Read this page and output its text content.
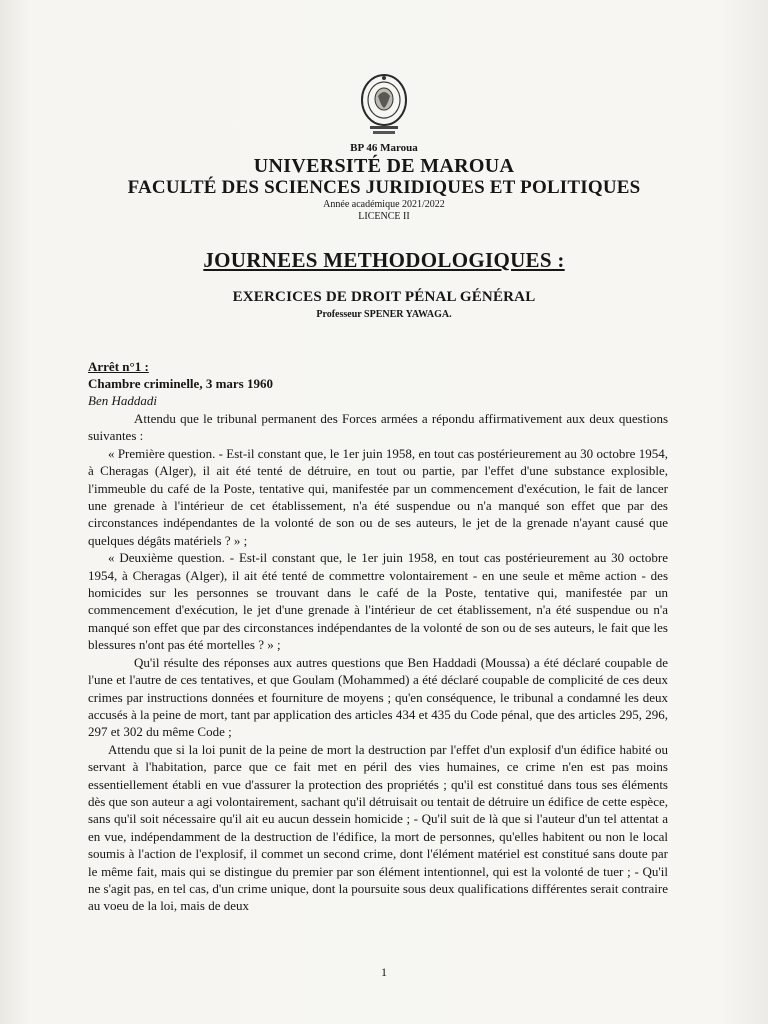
BP 46 Maroua
UNIVERSITÉ DE MAROUA
FACULTÉ DES SCIENCES JURIDIQUES ET POLITIQUES
Année académique 2021/2022
LICENCE II
JOURNEES METHODOLOGIQUES :
EXERCICES DE DROIT PÉNAL GÉNÉRAL
Professeur SPENER YAWAGA.
Arrêt n°1 :
Chambre criminelle, 3 mars 1960
Ben Haddadi

Attendu que le tribunal permanent des Forces armées a répondu affirmativement aux deux questions suivantes :

« Première question. - Est-il constant que, le 1er juin 1958, en tout cas postérieurement au 30 octobre 1954, à Cheragas (Alger), il ait été tenté de détruire, en tout ou partie, par l'effet d'une substance explosible, l'immeuble du café de la Poste, tentative qui, manifestée par un commencement d'exécution, le fait de lancer une grenade à l'intérieur de cet établissement, n'a été suspendue ou n'a manqué son effet que par des circonstances indépendantes de la volonté de son ou de ses auteurs, le jet de la grenade n'ayant causé que quelques dégâts matériels ? » ;

« Deuxième question. - Est-il constant que, le 1er juin 1958, en tout cas postérieurement au 30 octobre 1954, à Cheragas (Alger), il ait été tenté de commettre volontairement - en une seule et même action - des homicides sur les personnes se trouvant dans le café de la Poste, tentative qui, manifestée par un commencement d'exécution, le jet d'une grenade à l'intérieur de cet établissement, n'a été suspendue ou n'a manqué son effet que par des circonstances indépendantes de la volonté de son ou de ses auteurs, le fait que les blessures n'ont pas été mortelles ? » ;

Qu'il résulte des réponses aux autres questions que Ben Haddadi (Moussa) a été déclaré coupable de l'une et l'autre de ces tentatives, et que Goulam (Mohammed) a été déclaré coupable de complicité de ces deux crimes par instructions données et fourniture de moyens ; qu'en conséquence, le tribunal a condamné les deux accusés à la peine de mort, tant par application des articles 434 et 435 du Code pénal, que des articles 295, 296, 297 et 302 du même Code ;

Attendu que si la loi punit de la peine de mort la destruction par l'effet d'un explosif d'un édifice habité ou servant à l'habitation, parce que ce fait met en péril des vies humaines, ce crime n'en est pas moins essentiellement établi en vue d'assurer la protection des propriétés ; qu'il est constitué dans tous ses éléments dès que son auteur a agi volontairement, sachant qu'il détruisait ou tentait de détruire un édifice de cette espèce, sans qu'il soit nécessaire qu'il ait eu aucun dessein homicide ; - Qu'il suit de là que si l'auteur d'un tel attentat a en vue, indépendamment de la destruction de l'édifice, la mort de personnes, qu'elles habitent ou non le local soumis à l'action de l'explosif, il commet un second crime, dont l'élément matériel est constitué sans doute par le même fait, mais qui se distingue du premier par son élément intentionnel, qui est la volonté de tuer ; - Qu'il ne s'agit pas, en tel cas, d'un crime unique, dont la poursuite sous deux qualifications différentes serait contraire au voeu de la loi, mais de deux

1
